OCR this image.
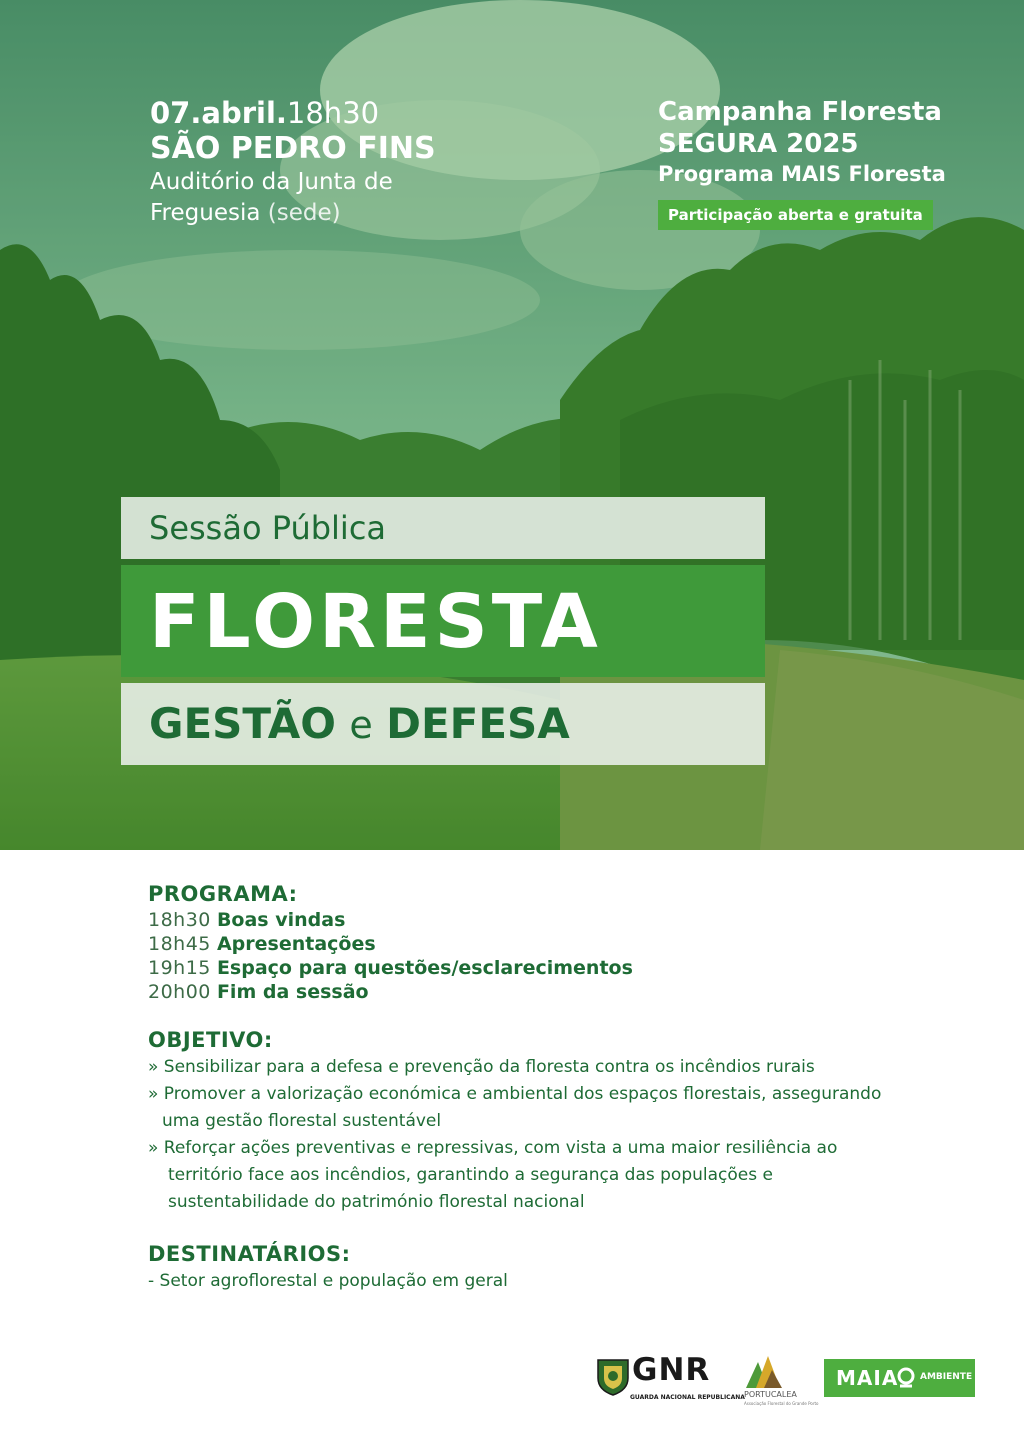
07.abril.18h30
SÃO PEDRO FINS
Auditório da Junta de
Freguesia (sede)
Campanha Floresta
SEGURA 2025
Programa MAIS Floresta
Participação aberta e gratuita
Sessão Pública
FLORESTA
GESTÃO e DEFESA
PROGRAMA:
18h30 Boas vindas
18h45 Apresentações
19h15 Espaço para questões/esclarecimentos
20h00 Fim da sessão
OBJETIVO:
» Sensibilizar para a defesa e prevenção da floresta contra os incêndios rurais
» Promover a valorização económica e ambiental dos espaços florestais, assegurando
uma gestão florestal sustentável
» Reforçar ações preventivas e repressivas, com vista a uma maior resiliência ao
território face aos incêndios, garantindo a segurança das populações e
sustentabilidade do património florestal nacional
DESTINATÁRIOS:
- Setor agroflorestal e população em geral
GNR
GUARDA NACIONAL REPUBLICANA PORTUCALEA
Associação Florestal do Grande Porto
MAIA AMBIENTE
